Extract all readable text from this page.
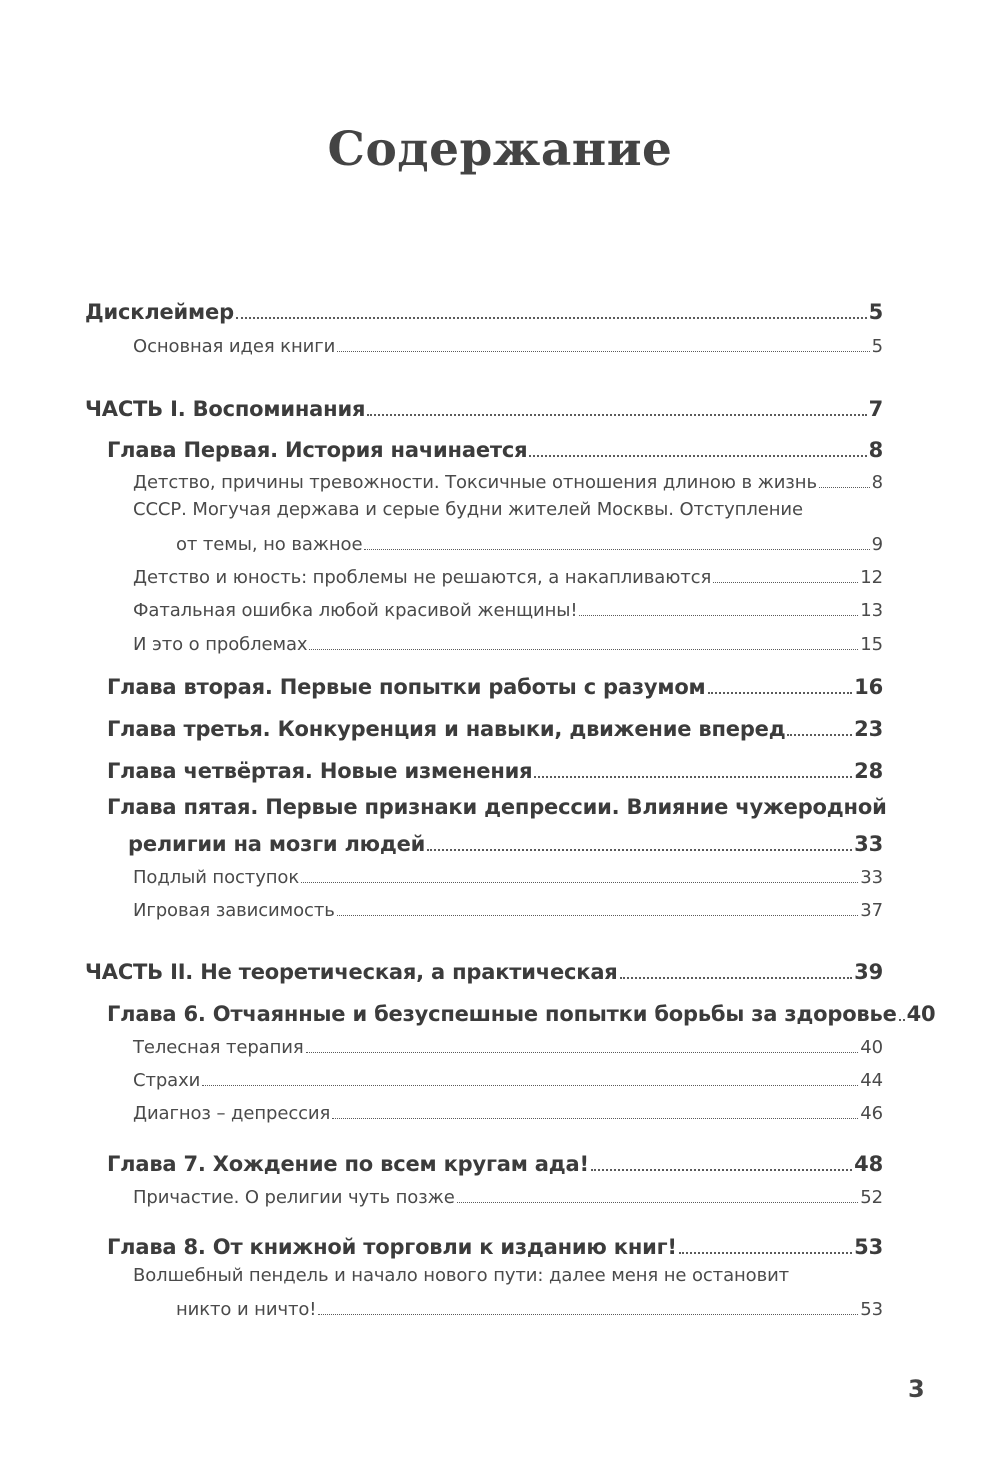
Содержание
Дисклеймер	5
Основная идея книги	5
ЧАСТЬ I. Воспоминания	7
Глава Первая. История начинается	8
Детство, причины тревожности. Токсичные отношения длиною в жизнь	8
СССР. Могучая держава и серые будни жителей Москвы. Отступление
от темы, но важное	9
Детство и юность: проблемы не решаются, а накапливаются	12
Фатальная ошибка любой красивой женщины!	13
И это о проблемах	15
Глава вторая. Первые попытки работы с разумом	16
Глава третья. Конкуренция и навыки, движение вперед	23
Глава четвёртая. Новые изменения	28
Глава пятая. Первые признаки депрессии. Влияние чужеродной
религии на мозги людей	33
Подлый поступок	33
Игровая зависимость	37
ЧАСТЬ II. Не теоретическая, а практическая	39
Глава 6. Отчаянные и безуспешные попытки борьбы за здоровье 40
Телесная терапия	40
Страхи	44
Диагноз – депрессия	46
Глава 7. Хождение по всем кругам ада!	48
Причастие. О религии чуть позже	52
Глава 8. От книжной торговли к изданию книг!	53
Волшебный пендель и начало нового пути: далее меня не остановит
никто и ничто!	53
3
